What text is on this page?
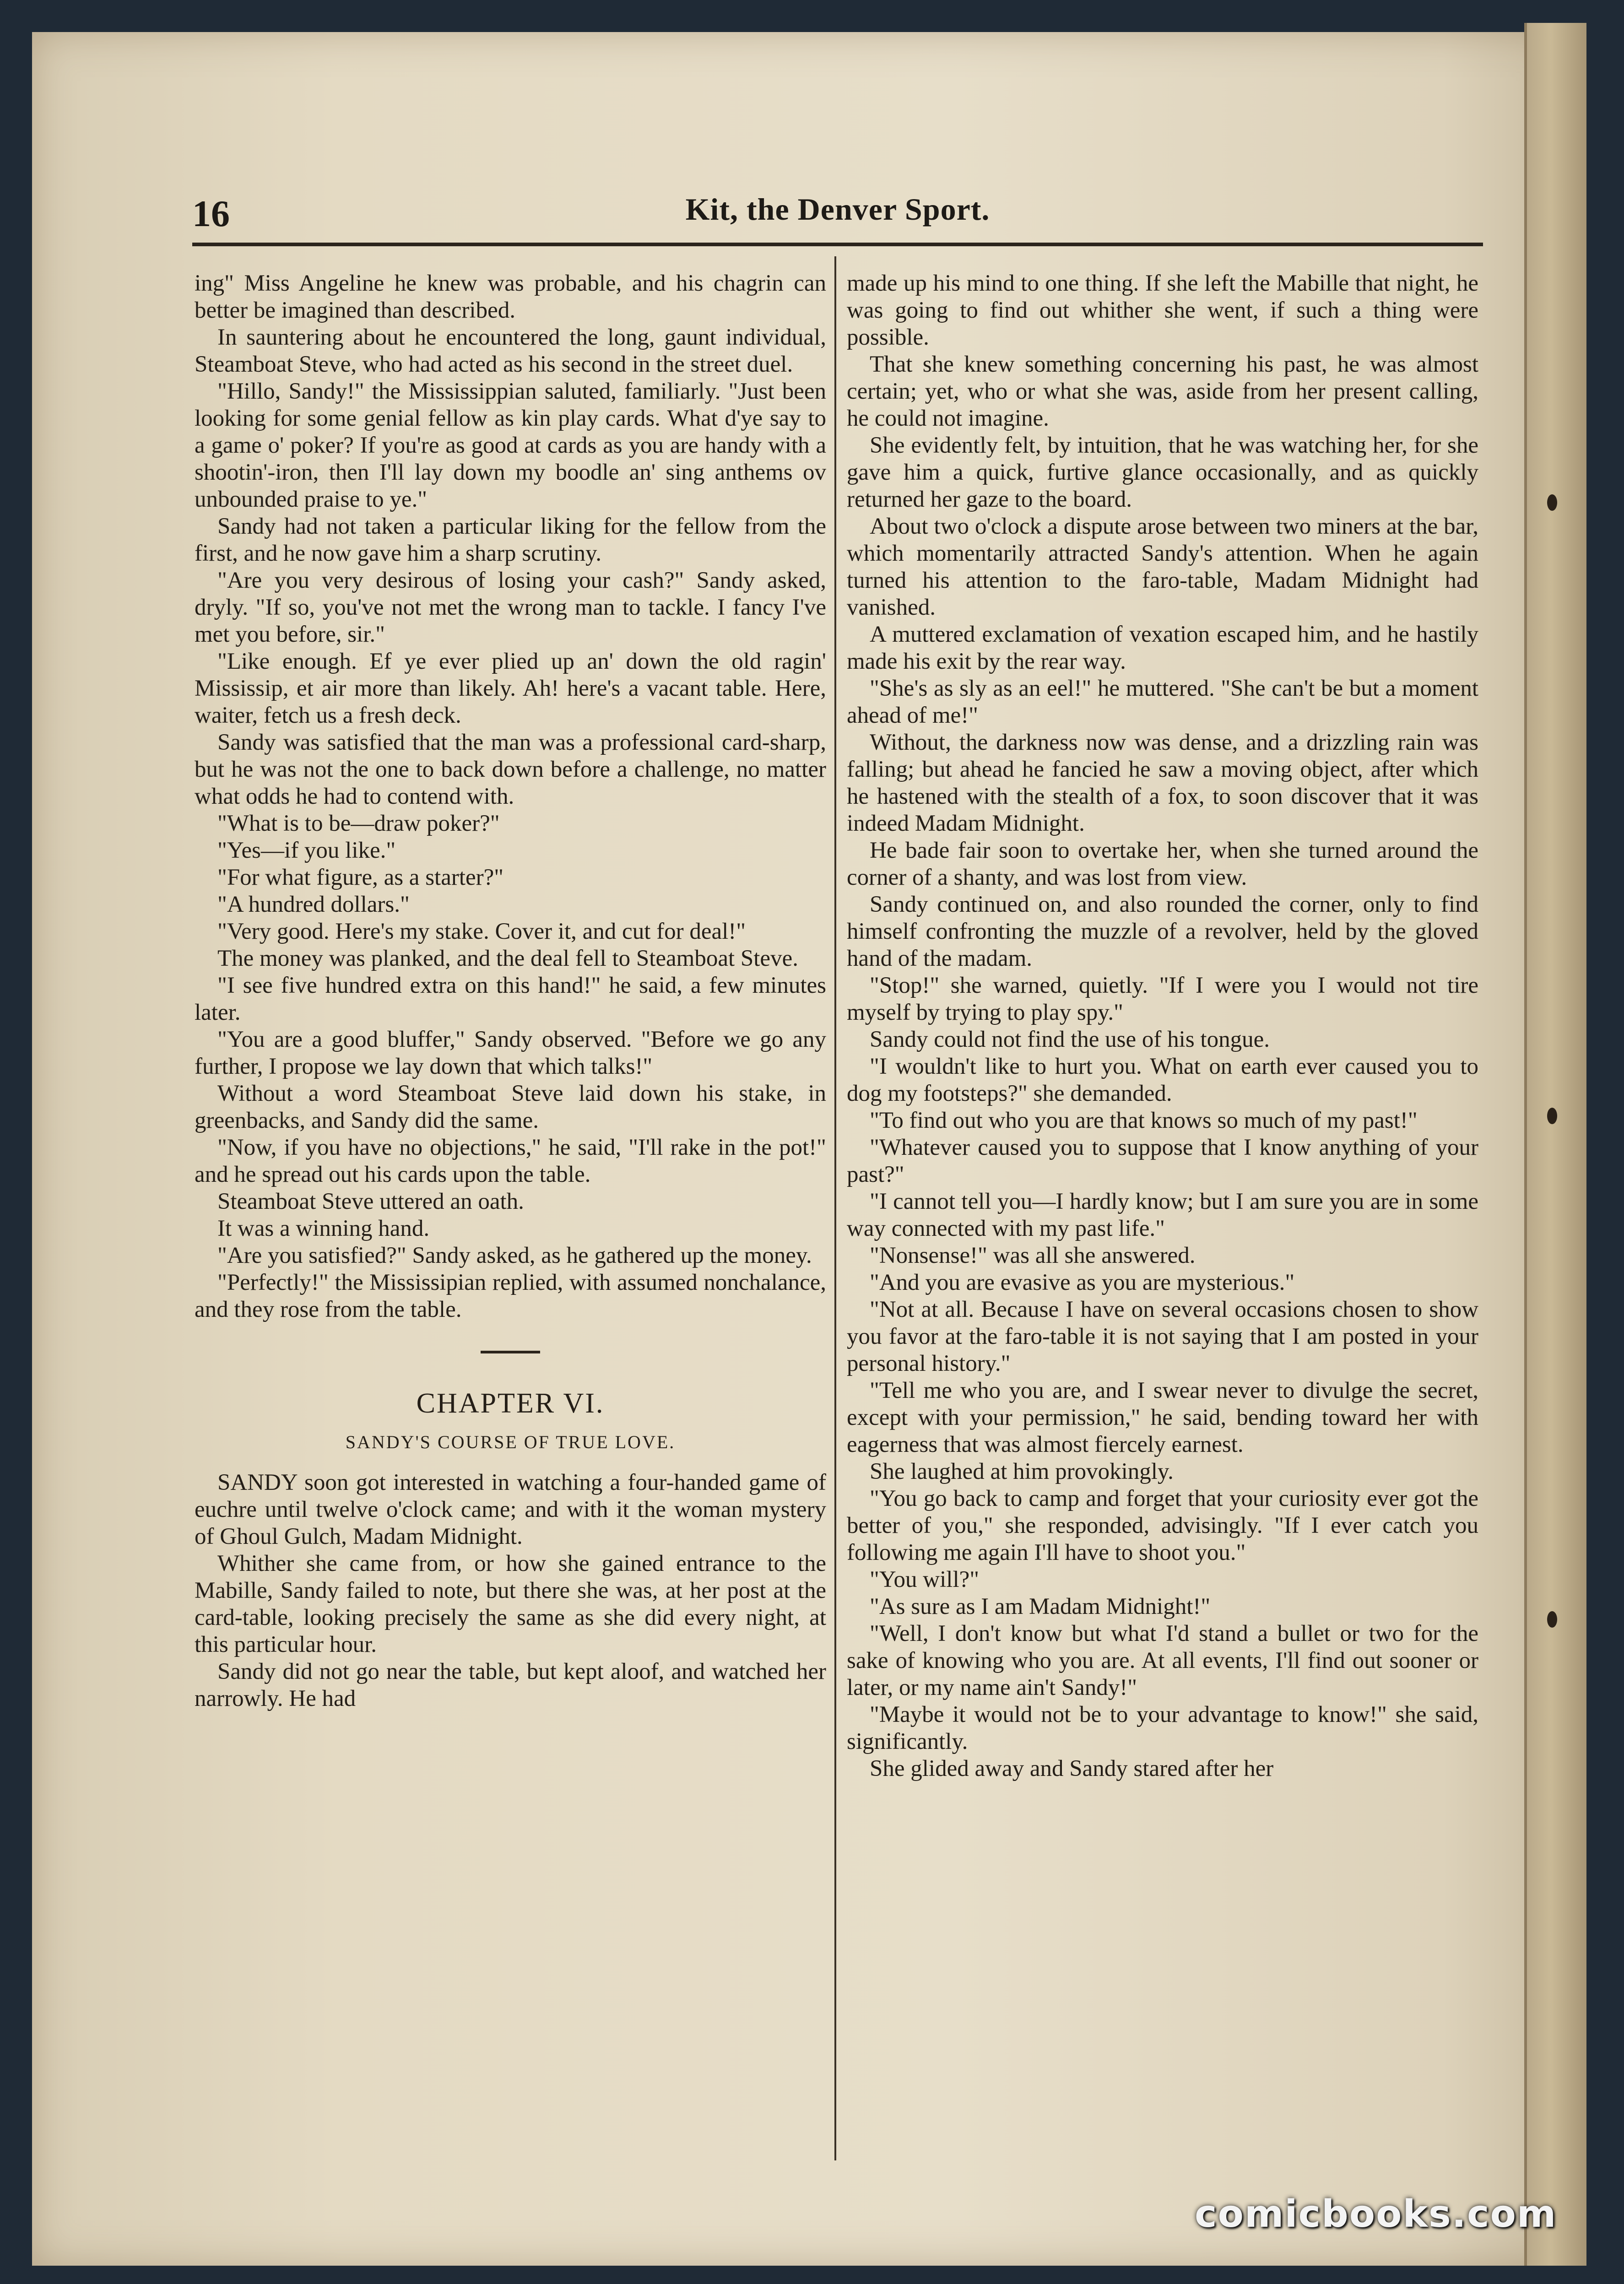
16	Kit, the Denver Sport.

ing" Miss Angeline he knew was probable, and his chagrin can better be imagined than described.

In sauntering about he encountered the long, gaunt individual, Steamboat Steve, who had acted as his second in the street duel.

"Hillo, Sandy!" the Mississippian saluted, familiarly. "Just been looking for some genial fellow as kin play cards. What d'ye say to a game o' poker? If you're as good at cards as you are handy with a shootin'-iron, then I'll lay down my boodle an' sing anthems ov unbounded praise to ye."

Sandy had not taken a particular liking for the fellow from the first, and he now gave him a sharp scrutiny.

"Are you very desirous of losing your cash?" Sandy asked, dryly. "If so, you've not met the wrong man to tackle. I fancy I've met you before, sir."

"Like enough. Ef ye ever plied up an' down the old ragin' Mississip, et air more than likely. Ah! here's a vacant table. Here, waiter, fetch us a fresh deck.

Sandy was satisfied that the man was a professional card-sharp, but he was not the one to back down before a challenge, no matter what odds he had to contend with.

"What is to be—draw poker?"

"Yes—if you like."

"For what figure, as a starter?"

"A hundred dollars."

"Very good. Here's my stake. Cover it, and cut for deal!"

The money was planked, and the deal fell to Steamboat Steve.

"I see five hundred extra on this hand!" he said, a few minutes later.

"You are a good bluffer," Sandy observed. "Before we go any further, I propose we lay down that which talks!"

Without a word Steamboat Steve laid down his stake, in greenbacks, and Sandy did the same.

"Now, if you have no objections," he said, "I'll rake in the pot!" and he spread out his cards upon the table.

Steamboat Steve uttered an oath.

It was a winning hand.

"Are you satisfied?" Sandy asked, as he gathered up the money.

"Perfectly!" the Mississipian replied, with assumed nonchalance, and they rose from the table.

CHAPTER VI.
SANDY'S COURSE OF TRUE LOVE.

SANDY soon got interested in watching a four-handed game of euchre until twelve o'clock came; and with it the woman mystery of Ghoul Gulch, Madam Midnight.

Whither she came from, or how she gained entrance to the Mabille, Sandy failed to note, but there she was, at her post at the card-table, looking precisely the same as she did every night, at this particular hour.

Sandy did not go near the table, but kept aloof, and watched her narrowly. He had

made up his mind to one thing. If she left the Mabille that night, he was going to find out whither she went, if such a thing were possible.

That she knew something concerning his past, he was almost certain; yet, who or what she was, aside from her present calling, he could not imagine.

She evidently felt, by intuition, that he was watching her, for she gave him a quick, furtive glance occasionally, and as quickly returned her gaze to the board.

About two o'clock a dispute arose between two miners at the bar, which momentarily attracted Sandy's attention. When he again turned his attention to the faro-table, Madam Midnight had vanished.

A muttered exclamation of vexation escaped him, and he hastily made his exit by the rear way.

"She's as sly as an eel!" he muttered. "She can't be but a moment ahead of me!"

Without, the darkness now was dense, and a drizzling rain was falling; but ahead he fancied he saw a moving object, after which he hastened with the stealth of a fox, to soon discover that it was indeed Madam Midnight.

He bade fair soon to overtake her, when she turned around the corner of a shanty, and was lost from view.

Sandy continued on, and also rounded the corner, only to find himself confronting the muzzle of a revolver, held by the gloved hand of the madam.

"Stop!" she warned, quietly. "If I were you I would not tire myself by trying to play spy."

Sandy could not find the use of his tongue.

"I wouldn't like to hurt you. What on earth ever caused you to dog my footsteps?" she demanded.

"To find out who you are that knows so much of my past!"

"Whatever caused you to suppose that I know anything of your past?"

"I cannot tell you—I hardly know; but I am sure you are in some way connected with my past life."

"Nonsense!" was all she answered.

"And you are evasive as you are mysterious."

"Not at all. Because I have on several occasions chosen to show you favor at the faro-table it is not saying that I am posted in your personal history."

"Tell me who you are, and I swear never to divulge the secret, except with your permission," he said, bending toward her with eagerness that was almost fiercely earnest.

She laughed at him provokingly.

"You go back to camp and forget that your curiosity ever got the better of you," she responded, advisingly. "If I ever catch you following me again I'll have to shoot you."

"You will?"

"As sure as I am Madam Midnight!"

"Well, I don't know but what I'd stand a bullet or two for the sake of knowing who you are. At all events, I'll find out sooner or later, or my name ain't Sandy!"

"Maybe it would not be to your advantage to know!" she said, significantly.

She glided away and Sandy stared after her

comicbooks.com
